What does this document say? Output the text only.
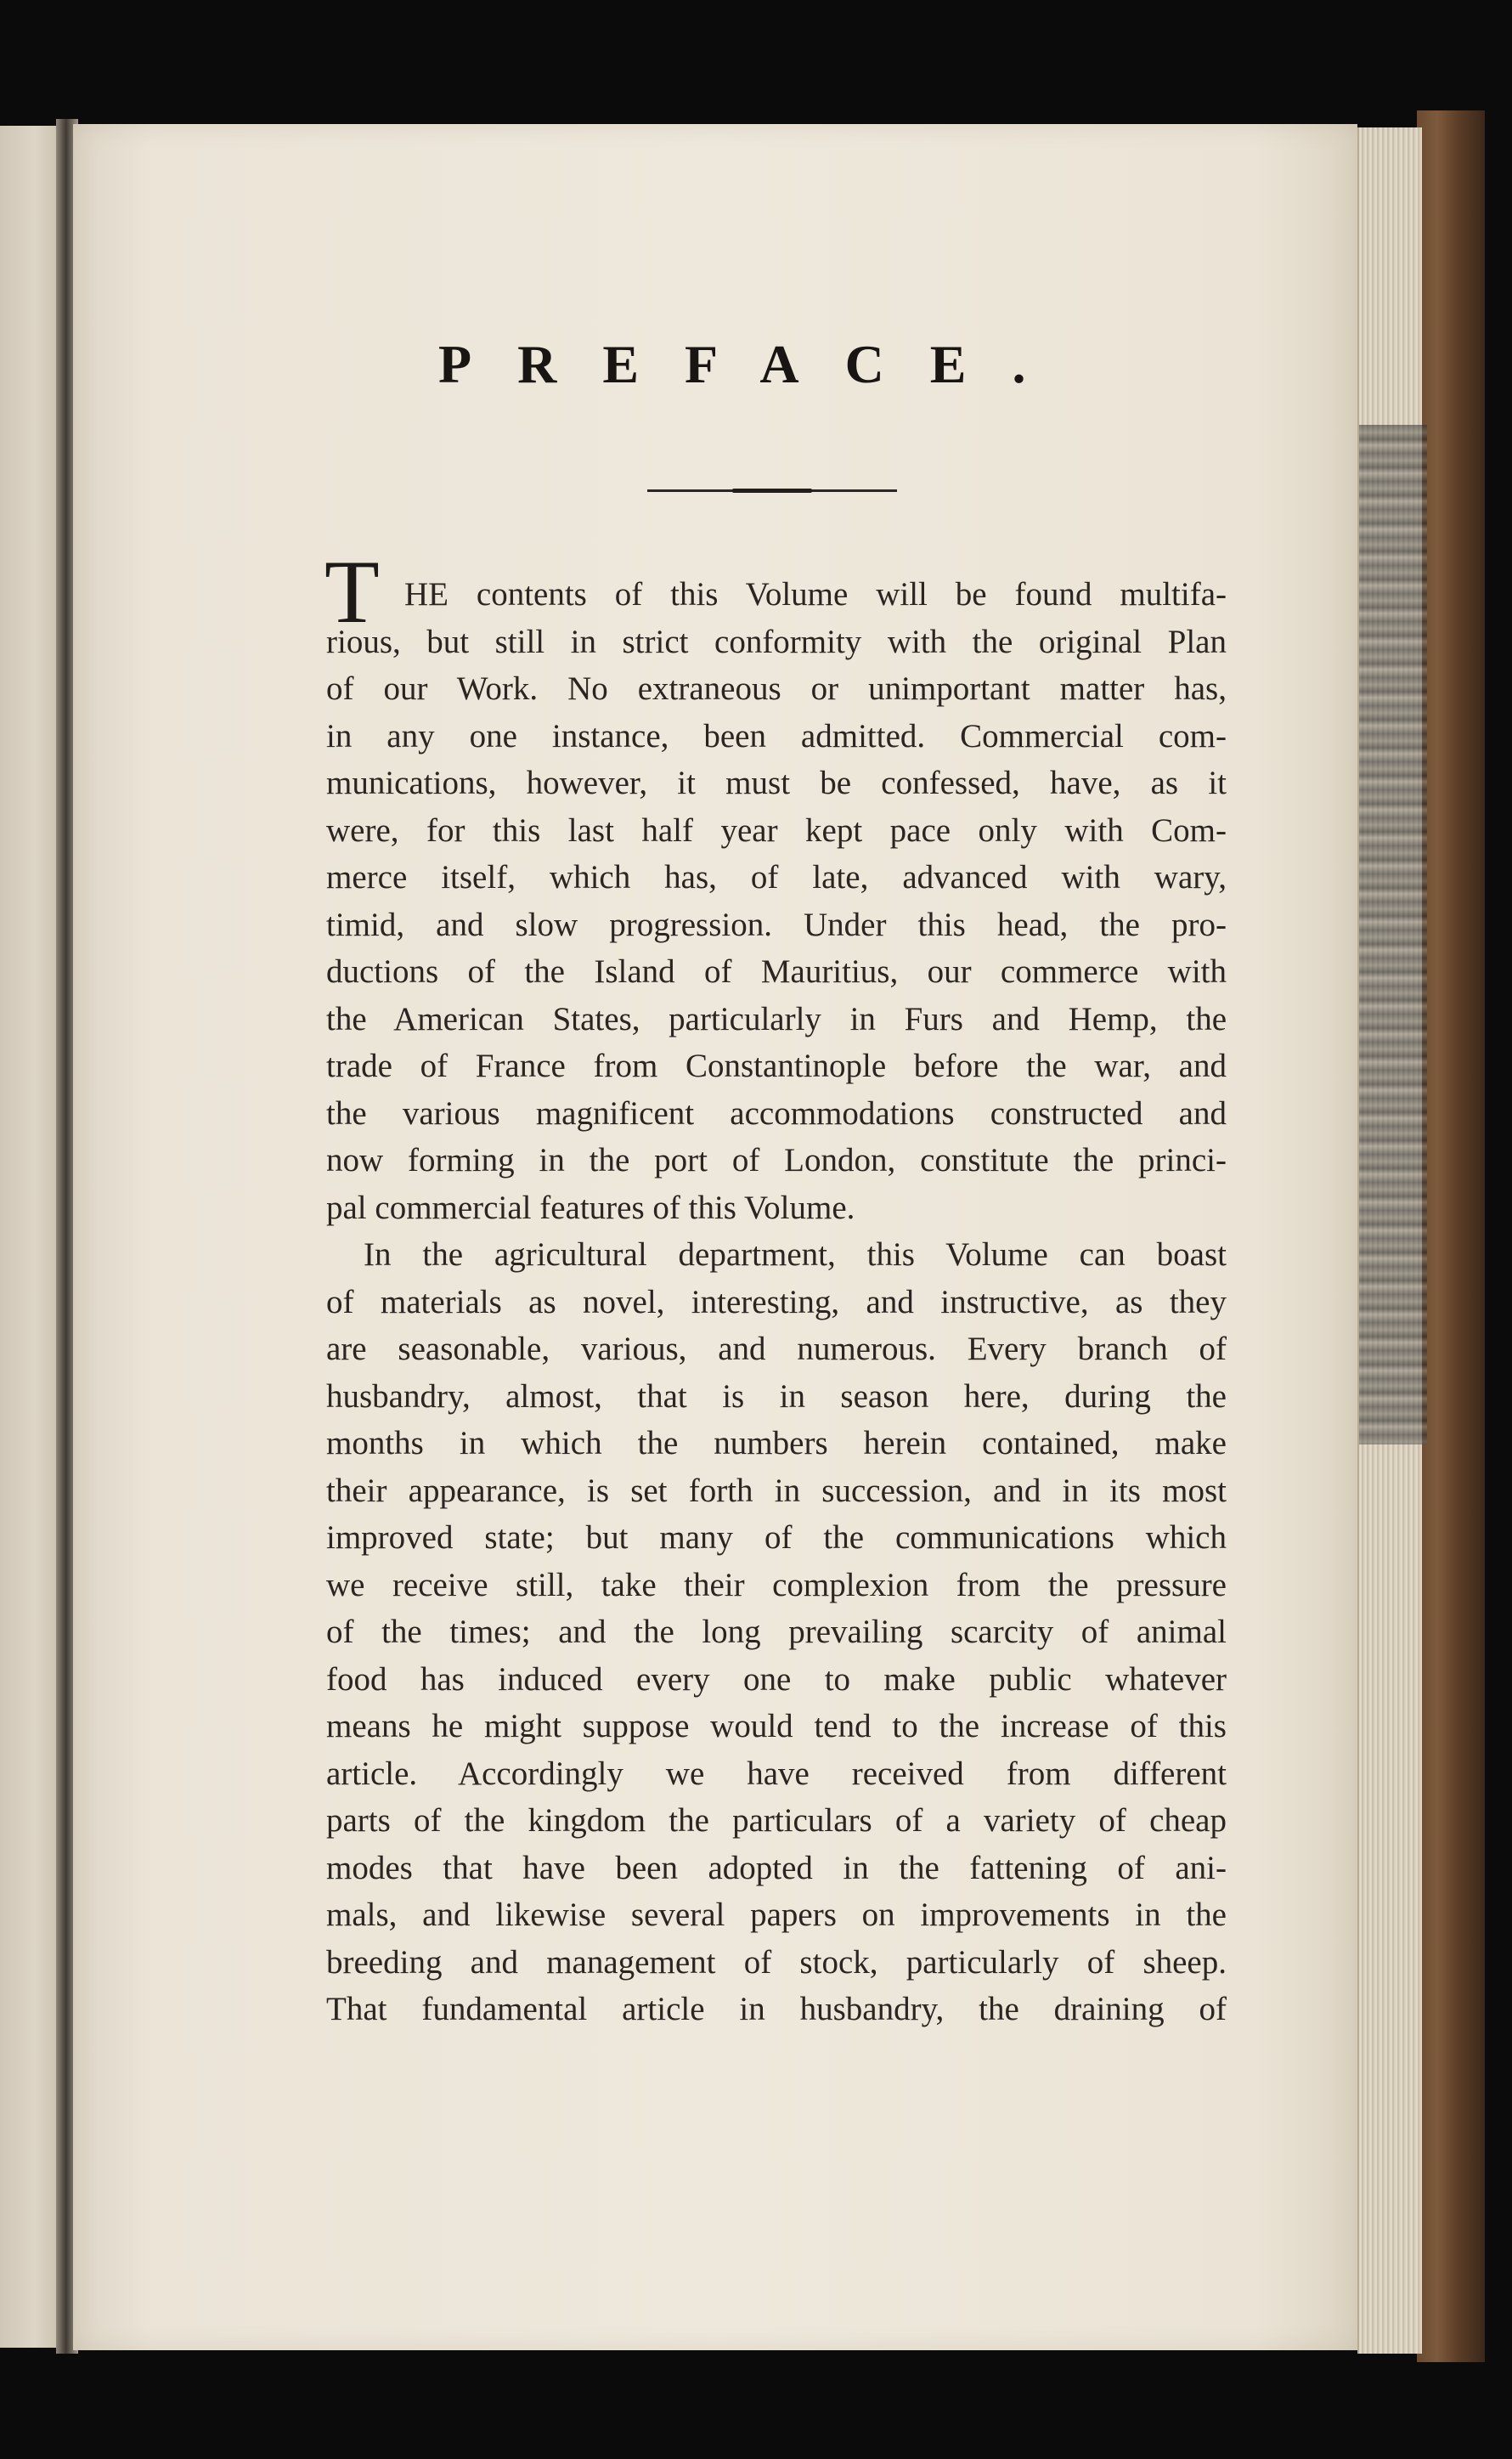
PREFACE.
T HE contents of this Volume will be found multifa-
rious, but still in strict conformity with the original Plan
of our Work. No extraneous or unimportant matter has,
in any one instance, been admitted. Commercial com-
munications, however, it must be confessed, have, as it
were, for this last half year kept pace only with Com-
merce itself, which has, of late, advanced with wary,
timid, and slow progression. Under this head, the pro-
ductions of the Island of Mauritius, our commerce with
the American States, particularly in Furs and Hemp, the
trade of France from Constantinople before the war, and
the various magnificent accommodations constructed and
now forming in the port of London, constitute the princi-
pal commercial features of this Volume.
In the agricultural department, this Volume can boast
of materials as novel, interesting, and instructive, as they
are seasonable, various, and numerous. Every branch of
husbandry, almost, that is in season here, during the
months in which the numbers herein contained, make
their appearance, is set forth in succession, and in its most
improved state; but many of the communications which
we receive still, take their complexion from the pressure
of the times; and the long prevailing scarcity of animal
food has induced every one to make public whatever
means he might suppose would tend to the increase of this
article. Accordingly we have received from different
parts of the kingdom the particulars of a variety of cheap
modes that have been adopted in the fattening of ani-
mals, and likewise several papers on improvements in the
breeding and management of stock, particularly of sheep.
That fundamental article in husbandry, the draining of
